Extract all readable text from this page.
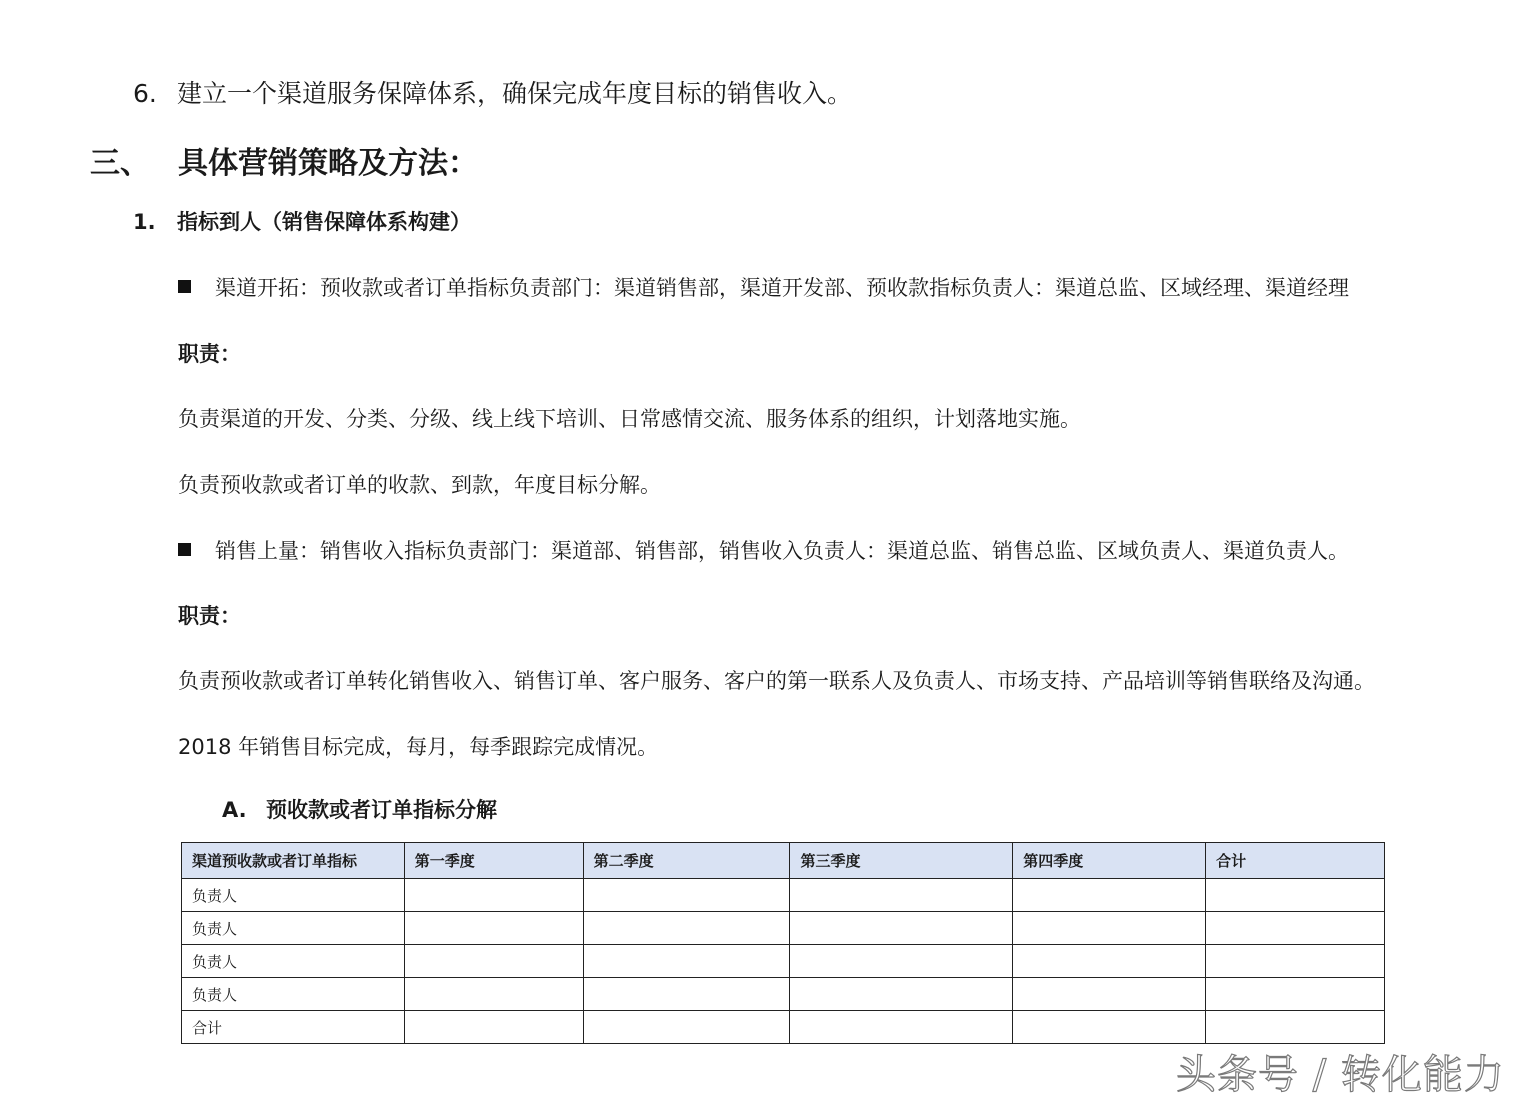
6. 建立一个渠道服务保障体系，确保完成年度目标的销售收入。
三、 具体营销策略及方法：
1. 指标到人（销售保障体系构建）
渠道开拓：预收款或者订单指标负责部门：渠道销售部，渠道开发部、预收款指标负责人：渠道总监、区域经理、渠道经理
职责：
负责渠道的开发、分类、分级、线上线下培训、日常感情交流、服务体系的组织，计划落地实施。
负责预收款或者订单的收款、到款，年度目标分解。
销售上量：销售收入指标负责部门：渠道部、销售部，销售收入负责人：渠道总监、销售总监、区域负责人、渠道负责人。
职责：
负责预收款或者订单转化销售收入、销售订单、客户服务、客户的第一联系人及负责人、市场支持、产品培训等销售联络及沟通。
2018 年销售目标完成，每月，每季跟踪完成情况。
A. 预收款或者订单指标分解
渠道预收款或者订单指标	第一季度	第二季度	第三季度	第四季度	合计
负责人					
负责人					
负责人					
负责人					
合计					
头条号 / 转化能力
